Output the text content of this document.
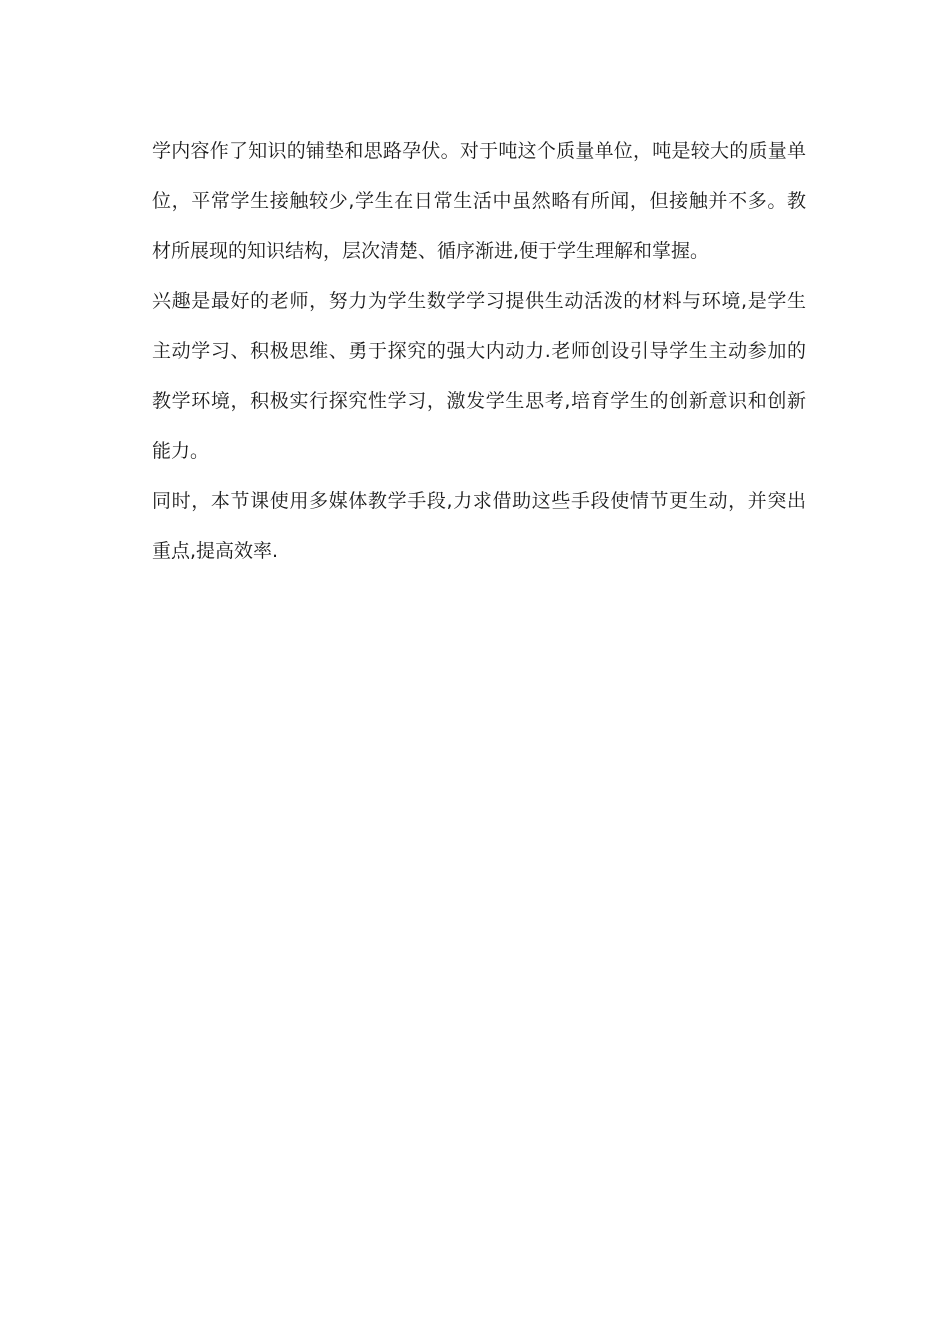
学内容作了知识的铺垫和思路孕伏。对于吨这个质量单位，吨是较大的质量单
位，平常学生接触较少,学生在日常生活中虽然略有所闻，但接触并不多。教
材所展现的知识结构，层次清楚、循序渐进,便于学生理解和掌握。
兴趣是最好的老师，努力为学生数学学习提供生动活泼的材料与环境,是学生
主动学习、积极思维、勇于探究的强大内动力.老师创设引导学生主动参加的
教学环境，积极实行探究性学习，激发学生思考,培育学生的创新意识和创新
能力。
同时，本节课使用多媒体教学手段,力求借助这些手段使情节更生动，并突出
重点,提高效率.
